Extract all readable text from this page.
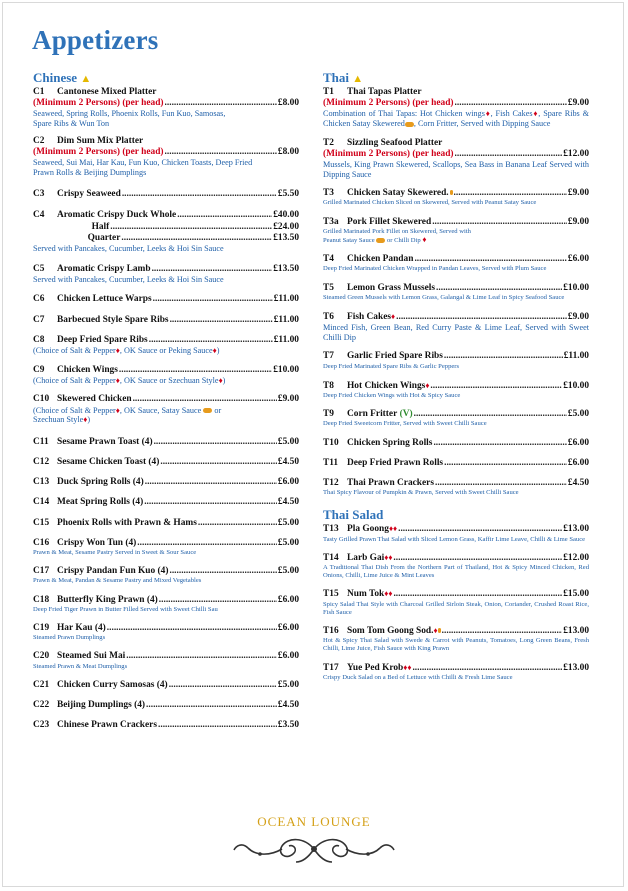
Appetizers
Chinese ▲
C1	Cantonese Mixed Platter
(Minimum 2 Persons) (per head) .....	£8.00
Seaweed, Spring Rolls, Phoenix Rolls, Fun Kuo, Samosas, Spare Ribs & Wun Ton
C2	Dim Sum Mix Platter
(Minimum 2 Persons) (per head) .....	£8.00
Seaweed, Sui Mai, Har Kau, Fun Kuo, Chicken Toasts, Deep Fried Prawn Rolls & Beijing Dumplings
C3	Crispy Seaweed .....	£5.50
C4	Aromatic Crispy Duck Whole .....	£40.00
Half .....	£24.00
Quarter .....	£13.50
Served with Pancakes, Cucumber, Leeks & Hoi Sin Sauce
C5	Aromatic Crispy Lamb .....	£13.50
Served with Pancakes, Cucumber, Leeks & Hoi Sin Sauce
C6	Chicken Lettuce Warps .....	£11.00
C7	Barbecued Style Spare Ribs .....	£11.00
C8	Deep Fried Spare Ribs .....	£11.00
(Choice of Salt & Pepper♦, OK Sauce or Peking Sauce♦)
C9	Chicken Wings .....	£10.00
(Choice of Salt & Pepper♦, OK Sauce or Szechuan Style♦)
C10 Skewered Chicken .....	£9.00
(Choice of Salt & Pepper♦, OK Sauce, Satay Sauce  or
Szechuan Style♦)
C11 Sesame Prawn Toast (4) .....	£5.00
C12 Sesame Chicken Toast (4) .....	£4.50
C13 Duck Spring Rolls (4) .....	£6.00
C14 Meat Spring Rolls (4) .....	£4.50
C15 Phoenix Rolls with Prawn & Hams .....	£5.00
C16 Crispy Won Tun (4) .....	£5.00
Prawn & Meat, Sesame Pastry Served in Sweet & Sour Sauce
C17 Crispy Pandan Fun Kuo (4) .....	£5.00
Prawn & Meat, Pandan & Sesame Pastry and Mixed Vegetables
C18 Butterfly King Prawn (4) .....	£6.00
Deep Fried Tiger Prawn in Butter Filled Served with Sweet Chilli Sau
C19 Har Kau (4) .....	£6.00
Steamed Prawn Dumplings
C20 Steamed Sui Mai .....	£6.00
Steamed Prawn & Meat Dumplings
C21 Chicken Curry Samosas (4) .....	£5.00
C22 Beijing Dumplings (4) .....	£4.50
C23 Chinese Prawn Crackers .....	£3.50
Thai ▲
T1	Thai Tapas Platter
(Minimum 2 Persons) (per head) .....	£9.00
Combination of Thai Tapas: Hot Chicken wings♦, Fish Cakes♦, Spare Ribs & Chicken Satay Skewered , Corn Fritter, Served with Dipping Sauce
T2	Sizzling Seafood Platter
(Minimum 2 Persons) (per head) .....	£12.00
Mussels, King Prawn Skewered, Scallops, Sea Bass in Banana Leaf Served with Dipping Sauce
T3	Chicken Satay Skewered. .....	£9.00
Grilled Marinated Chicken Sliced on Skewered, Served with Peanut Satay Sauce
T3a Pork Fillet Skewered .....	£9.00
Grilled Marinated Pork Fillet on Skewered, Served with
Peanut Satay Sauce  or Chilli Dip ♦
T4	Chicken Pandan .....	£6.00
Deep Fried Marinated Chicken Wrapped in Pandan Leaves, Served with Plum Sauce
T5	Lemon Grass Mussels .....	£10.00
Steamed Green Mussels with Lemon Grass, Galangal & Lime Leaf in Spicy Seafood Sauce
T6	Fish Cakes ♦ .....	£9.00
Minced Fish, Green Bean, Red Curry Paste & Lime Leaf, Served with Sweet Chilli Dip
T7	Garlic Fried Spare Ribs .....	£11.00
Deep Fried Marinated Spare Ribs & Garlic Peppers
T8	Hot Chicken Wings ♦ .....	£10.00
Deep Fried Chicken Wings with Hot & Spicy Sauce
T9	Corn Fritter
(V) .....	£5.00
Deep Fried Sweetcorn Fritter, Served with Sweet Chilli Sauce
T10 Chicken Spring Rolls .....	£6.00
T11 Deep Fried Prawn Rolls .....	£6.00
T12 Thai Prawn Crackers .....	£4.50
Thai Spicy Flavour of Pumpkin & Prawn, Served with Sweet Chilli Sauce
Thai Salad
T13 Pla Goong ♦♦ .....	£13.00
Tasty Grilled Prawn Thai Salad with Sliced Lemon Grass, Kaffir Lime Leave, Chilli & Lime Sauce
T14 Larb Gai ♦♦ .....	£12.00
A Traditional Thai Dish From the Northern Part of Thailand, Hot & Spicy Minced Chicken, Red Onions, Chilli, Lime Juice & Mint Leaves
T15 Num Tok ♦♦ .....	£15.00
Spicy Salad Thai Style with Charcoal Grilled Sirloin Steak, Onion, Coriander, Crushed Roast Rice, Fish Sauce
T16 Som Tom Goong Sod. ♦ .....	£13.00
Hot & Spicy Thai Salad with Swede & Carrot with Peanuts, Tomatoes, Long Green Beans, Fresh Chilli, Lime Juice, Fish Sauce with King Prawn
T17 Yue Ped Krob ♦♦ .....	£13.00
Crispy Duck Salad on a Bed of Lettuce with Chilli & Fresh Lime Sauce
OCEAN LOUNGE
